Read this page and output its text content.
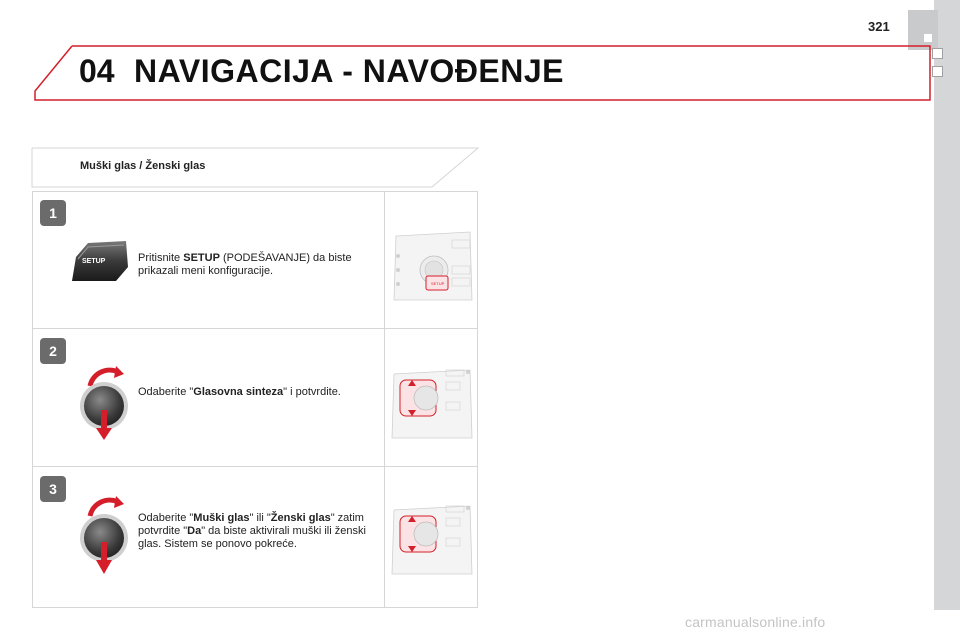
321
04 NAVIGACIJA - NAVOĐENJE
Muški glas / Ženski glas
1
SETUP	Pritisnite SETUP (PODEŠAVANJE) da biste prikazali meni konfiguracije.
SETUP
2
Odaberite "Glasovna sinteza" i potvrdite.
3
Odaberite "Muški glas" ili "Ženski glas" zatim potvrdite "Da" da biste aktivirali muški ili ženski glas. Sistem se ponovo pokreće.
carmanualsonline.info
